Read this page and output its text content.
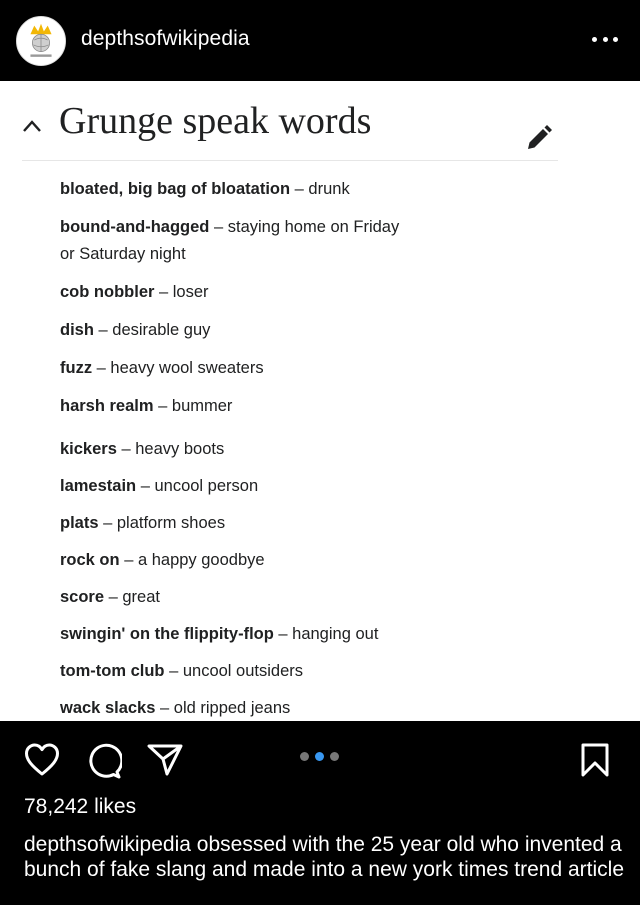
depthsofwikipedia
Grunge speak words
bloated, big bag of bloatation – drunk
bound-and-hagged – staying home on Friday or Saturday night
cob nobbler – loser
dish – desirable guy
fuzz – heavy wool sweaters
harsh realm – bummer
kickers – heavy boots
lamestain – uncool person
plats – platform shoes
rock on – a happy goodbye
score – great
swingin' on the flippity-flop – hanging out
tom-tom club – uncool outsiders
wack slacks – old ripped jeans
78,242 likes
depthsofwikipedia obsessed with the 25 year old who invented a bunch of fake slang and made into a new york times trend article
